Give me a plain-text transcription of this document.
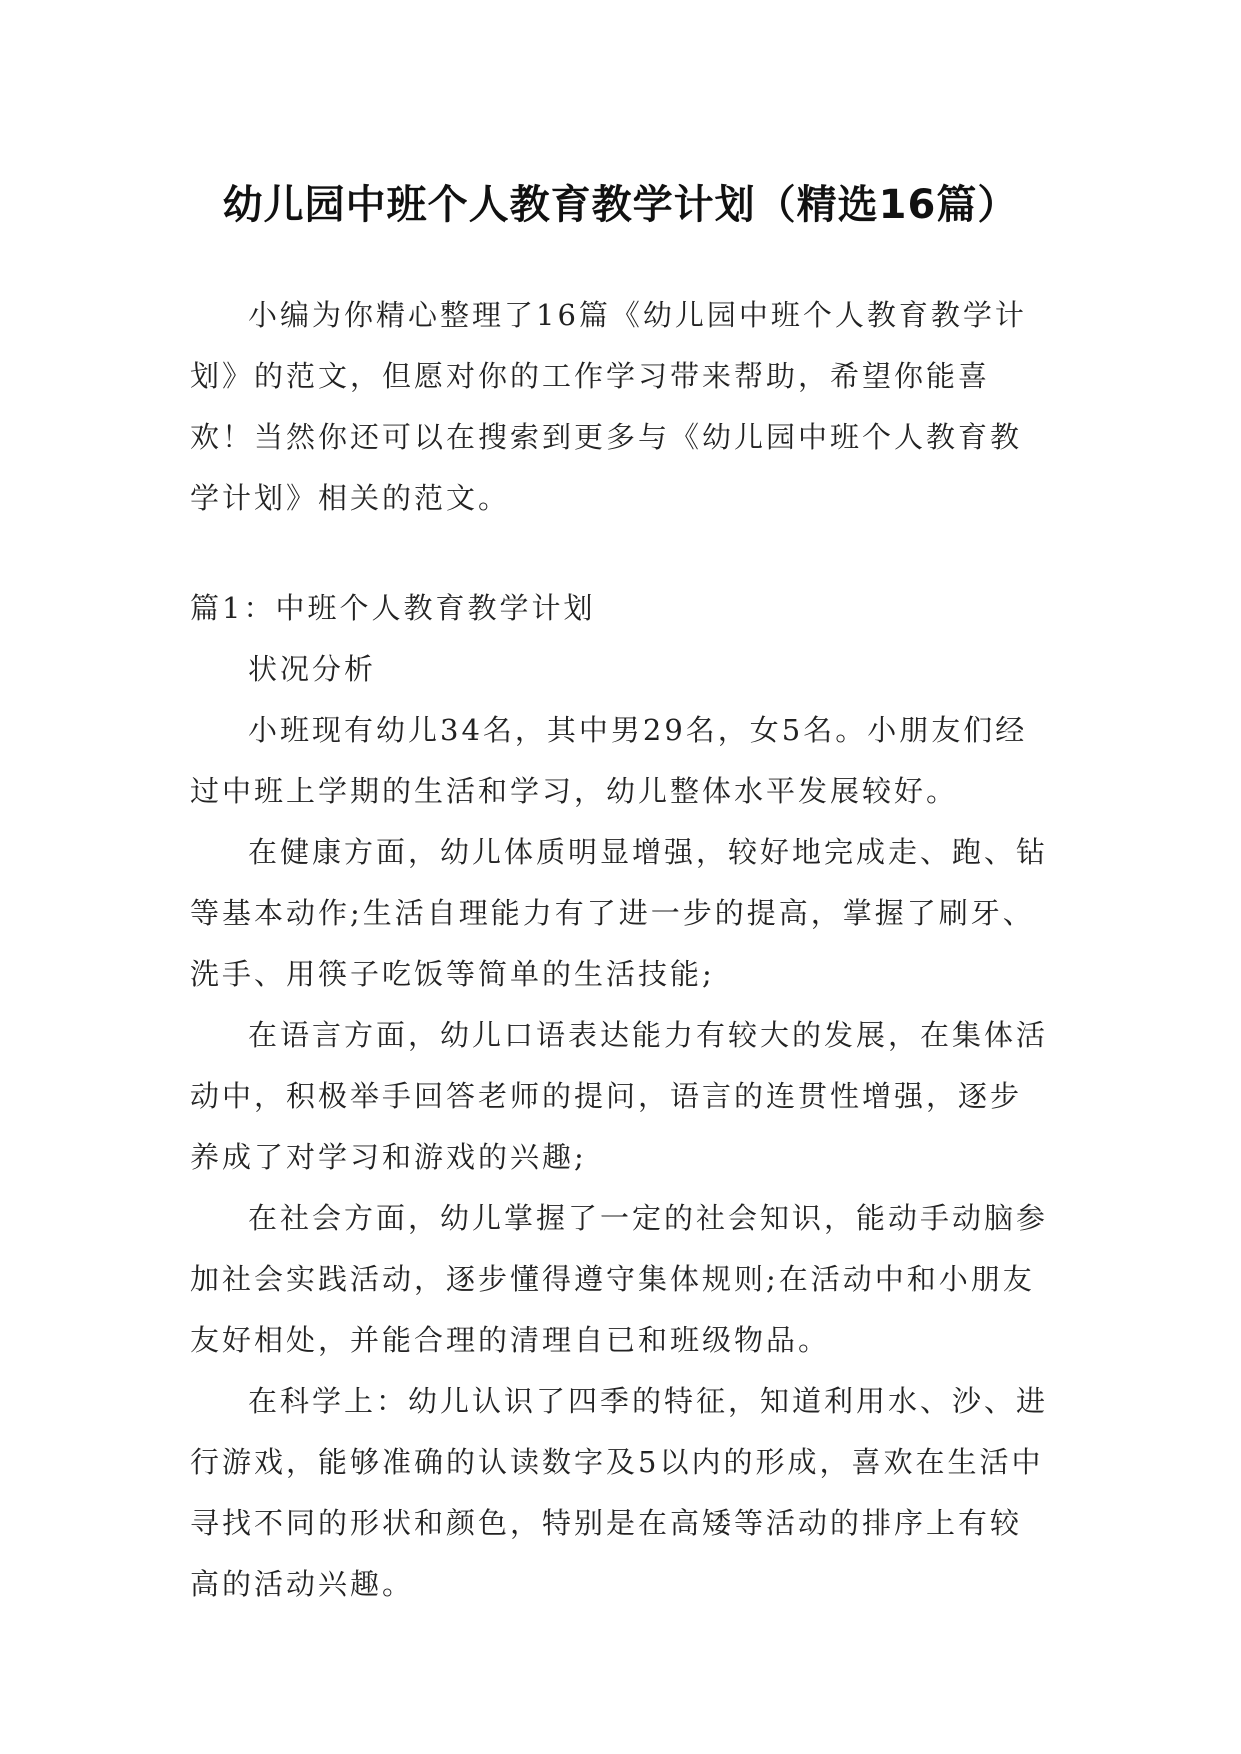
幼儿园中班个人教育教学计划（精选16篇）

小编为你精心整理了16篇《幼儿园中班个人教育教学计划》的范文，但愿对你的工作学习带来帮助，希望你能喜欢！当然你还可以在搜索到更多与《幼儿园中班个人教育教学计划》相关的范文。

篇1：中班个人教育教学计划

状况分析

小班现有幼儿34名，其中男29名，女5名。小朋友们经过中班上学期的生活和学习，幼儿整体水平发展较好。

在健康方面，幼儿体质明显增强，较好地完成走、跑、钻等基本动作;生活自理能力有了进一步的提高，掌握了刷牙、洗手、用筷子吃饭等简单的生活技能;

在语言方面，幼儿口语表达能力有较大的发展，在集体活动中，积极举手回答老师的提问，语言的连贯性增强，逐步养成了对学习和游戏的兴趣;

在社会方面，幼儿掌握了一定的社会知识，能动手动脑参加社会实践活动，逐步懂得遵守集体规则;在活动中和小朋友友好相处，并能合理的清理自已和班级物品。

在科学上：幼儿认识了四季的特征，知道利用水、沙、进行游戏，能够准确的认读数字及5以内的形成，喜欢在生活中寻找不同的形状和颜色，特别是在高矮等活动的排序上有较高的活动兴趣。
